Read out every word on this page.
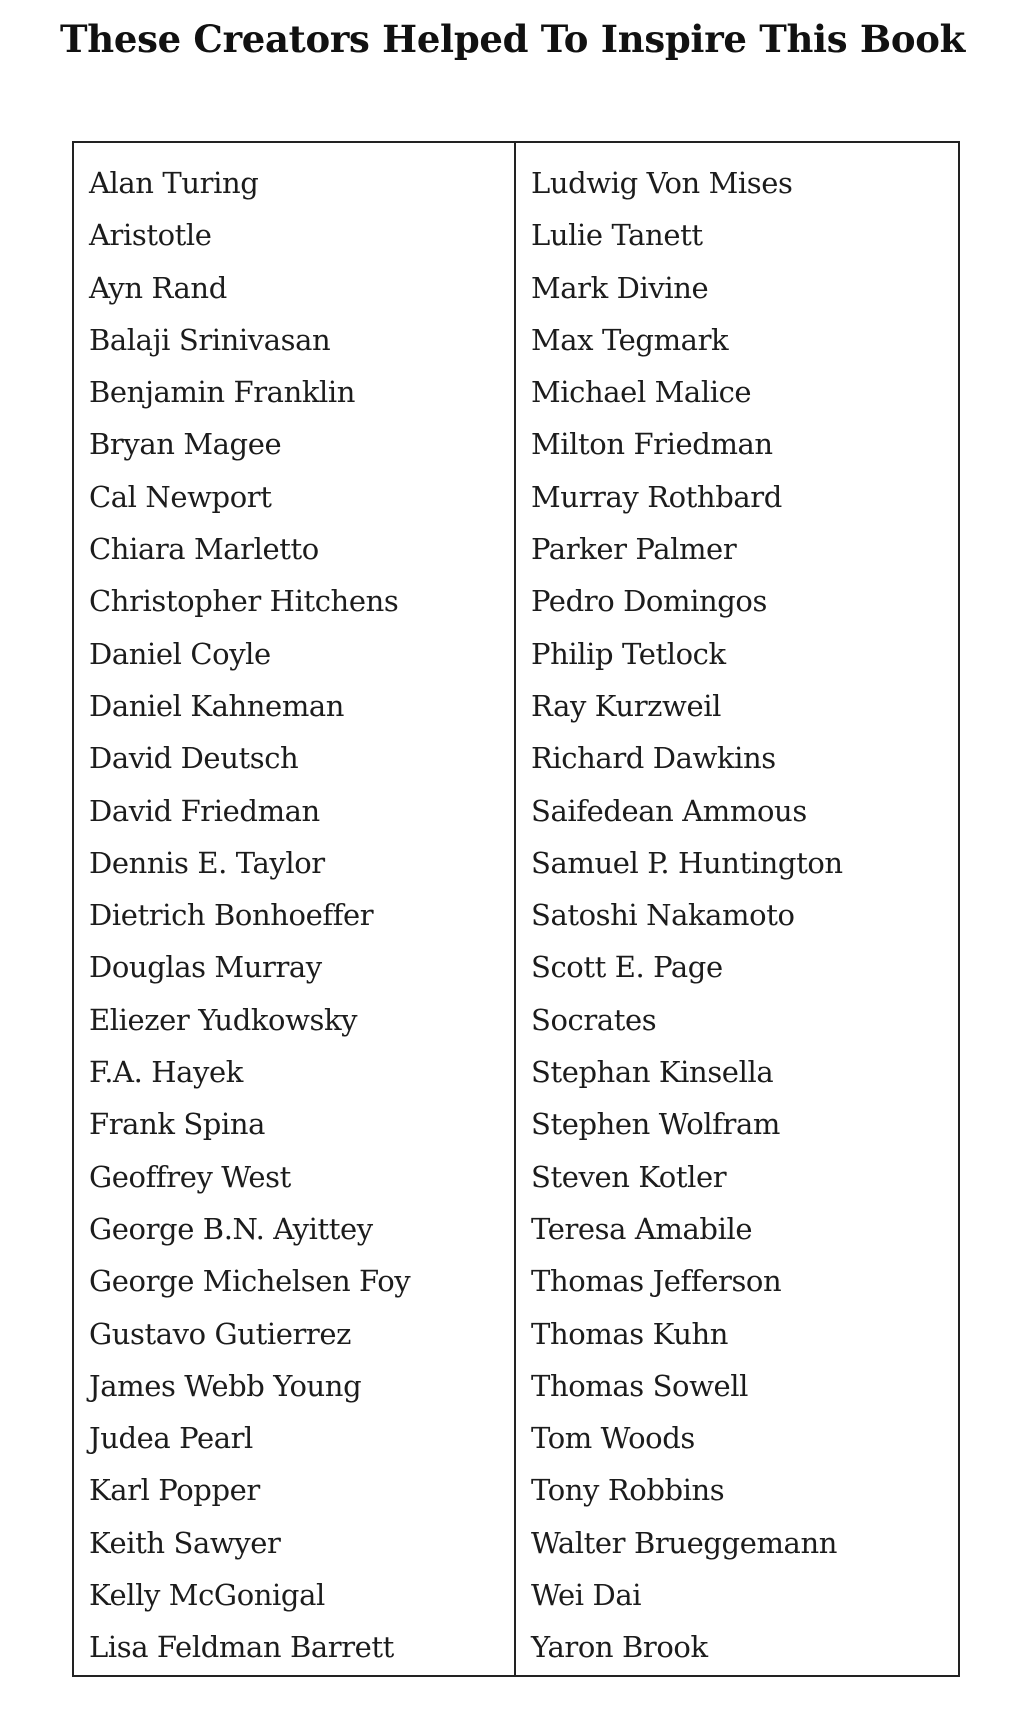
These Creators Helped To Inspire This Book
Alan Turing
Aristotle
Ayn Rand
Balaji Srinivasan
Benjamin Franklin
Bryan Magee
Cal Newport
Chiara Marletto
Christopher Hitchens
Daniel Coyle
Daniel Kahneman
David Deutsch
David Friedman
Dennis E. Taylor
Dietrich Bonhoeffer
Douglas Murray
Eliezer Yudkowsky
F.A. Hayek
Frank Spina
Geoffrey West
George B.N. Ayittey
George Michelsen Foy
Gustavo Gutierrez
James Webb Young
Judea Pearl
Karl Popper
Keith Sawyer
Kelly McGonigal
Lisa Feldman Barrett
Ludwig Von Mises
Lulie Tanett
Mark Divine
Max Tegmark
Michael Malice
Milton Friedman
Murray Rothbard
Parker Palmer
Pedro Domingos
Philip Tetlock
Ray Kurzweil
Richard Dawkins
Saifedean Ammous
Samuel P. Huntington
Satoshi Nakamoto
Scott E. Page
Socrates
Stephan Kinsella
Stephen Wolfram
Steven Kotler
Teresa Amabile
Thomas Jefferson
Thomas Kuhn
Thomas Sowell
Tom Woods
Tony Robbins
Walter Brueggemann
Wei Dai
Yaron Brook
